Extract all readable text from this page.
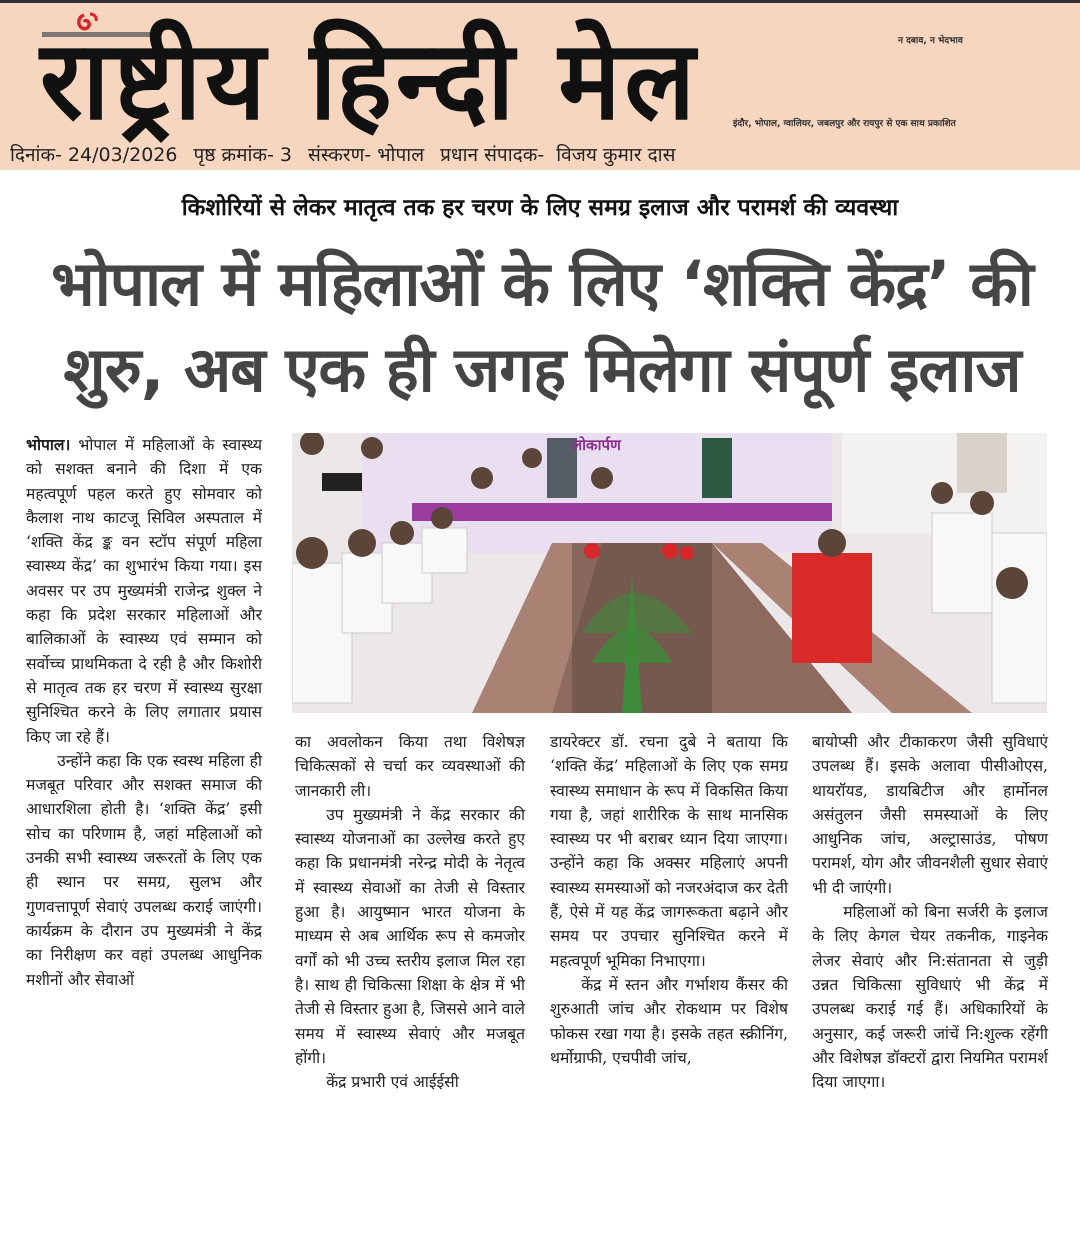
राष्ट्रीय हिन्दी मेल	न दबाव, न भेदभाव
इंदौर, भोपाल, ग्वालियर, जबलपुर और रायपुर से एक साथ प्रकाशित
दिनांक- 24/03/2026 पृष्ठ क्रमांक- 3 संस्करण- भोपाल प्रधान संपादक-  विजय कुमार दास
किशोरियों से लेकर मातृत्व तक हर चरण के लिए समग्र इलाज और परामर्श की व्यवस्था
भोपाल में महिलाओं के लिए ‘शक्ति केंद्र’ की
शुरु, अब एक ही जगह मिलेगा संपूर्ण इलाज
लोकार्पण

भोपाल। भोपाल में महिलाओं के स्वास्थ्य को सशक्त बनाने की दिशा में एक महत्वपूर्ण पहल करते हुए सोमवार को कैलाश नाथ काटजू सिविल अस्पताल में ‘शक्ति केंद्र ङ्क वन स्टॉप संपूर्ण महिला स्वास्थ्य केंद्र’ का शुभारंभ किया गया। इस अवसर पर उप मुख्यमंत्री राजेन्द्र शुक्ल ने कहा कि प्रदेश सरकार महिलाओं और बालिकाओं के स्वास्थ्य एवं सम्मान को सर्वोच्च प्राथमिकता दे रही है और किशोरी से मातृत्व तक हर चरण में स्वास्थ्य सुरक्षा सुनिश्चित करने के लिए लगातार प्रयास किए जा रहे हैं।

उन्होंने कहा कि एक स्वस्थ महिला ही मजबूत परिवार और सशक्त समाज की आधारशिला होती है। ‘शक्ति केंद्र’ इसी सोच का परिणाम है, जहां महिलाओं को उनकी सभी स्वास्थ्य जरूरतों के लिए एक ही स्थान पर समग्र, सुलभ और गुणवत्तापूर्ण सेवाएं उपलब्ध कराई जाएंगी। कार्यक्रम के दौरान उप मुख्यमंत्री ने केंद्र का निरीक्षण कर वहां उपलब्ध आधुनिक मशीनों और सेवाओं

का अवलोकन किया तथा विशेषज्ञ चिकित्सकों से चर्चा कर व्यवस्थाओं की जानकारी ली।

उप मुख्यमंत्री ने केंद्र सरकार की स्वास्थ्य योजनाओं का उल्लेख करते हुए कहा कि प्रधानमंत्री नरेन्द्र मोदी के नेतृत्व में स्वास्थ्य सेवाओं का तेजी से विस्तार हुआ है। आयुष्मान भारत योजना के माध्यम से अब आर्थिक रूप से कमजोर वर्गों को भी उच्च स्तरीय इलाज मिल रहा है। साथ ही चिकित्सा शिक्षा के क्षेत्र में भी तेजी से विस्तार हुआ है, जिससे आने वाले समय में स्वास्थ्य सेवाएं और मजबूत होंगी।

केंद्र प्रभारी एवं आईईसी

डायरेक्टर डॉ. रचना दुबे ने बताया कि ‘शक्ति केंद्र’ महिलाओं के लिए एक समग्र स्वास्थ्य समाधान के रूप में विकसित किया गया है, जहां शारीरिक के साथ मानसिक स्वास्थ्य पर भी बराबर ध्यान दिया जाएगा। उन्होंने कहा कि अक्सर महिलाएं अपनी स्वास्थ्य समस्याओं को नजरअंदाज कर देती हैं, ऐसे में यह केंद्र जागरूकता बढ़ाने और समय पर उपचार सुनिश्चित करने में महत्वपूर्ण भूमिका निभाएगा।

केंद्र में स्तन और गर्भाशय कैंसर की शुरुआती जांच और रोकथाम पर विशेष फोकस रखा गया है। इसके तहत स्क्रीनिंग, थर्मोग्राफी, एचपीवी जांच,

बायोप्सी और टीकाकरण जैसी सुविधाएं उपलब्ध हैं। इसके अलावा पीसीओएस, थायरॉयड, डायबिटीज और हार्मोनल असंतुलन जैसी समस्याओं के लिए आधुनिक जांच, अल्ट्रासाउंड, पोषण परामर्श, योग और जीवनशैली सुधार सेवाएं भी दी जाएंगी।

महिलाओं को बिना सर्जरी के इलाज के लिए केगल चेयर तकनीक, गाइनेक लेजर सेवाएं और नि:संतानता से जुड़ी उन्नत चिकित्सा सुविधाएं भी केंद्र में उपलब्ध कराई गई हैं। अधिकारियों के अनुसार, कई जरूरी जांचें नि:शुल्क रहेंगी और विशेषज्ञ डॉक्टरों द्वारा नियमित परामर्श दिया जाएगा।
